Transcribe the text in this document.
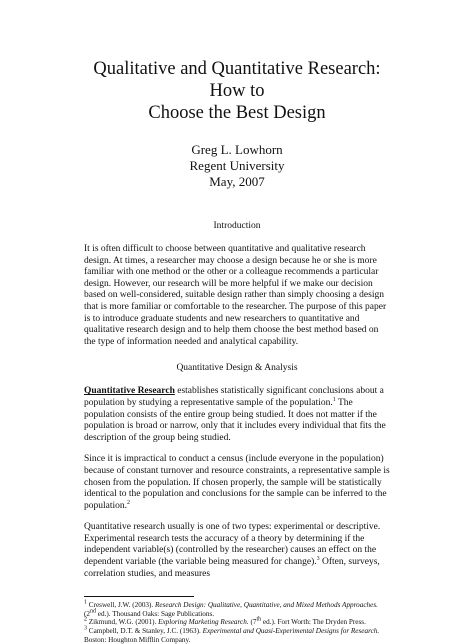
Qualitative and Quantitative Research: How to
Choose the Best Design
Greg L. Lowhorn
Regent University
May, 2007
Introduction

It is often difficult to choose between quantitative and qualitative research design. At times, a researcher may choose a design because he or she is more familiar with one method or the other or a colleague recommends a particular design. However, our research will be more helpful if we make our decision based on well-considered, suitable design rather than simply choosing a design that is more familiar or comfortable to the researcher. The purpose of this paper is to introduce graduate students and new researchers to quantitative and qualitative research design and to help them choose the best method based on the type of information needed and analytical capability.

Quantitative Design & Analysis

Quantitative Research establishes statistically significant conclusions about a population by studying a representative sample of the population.$^1$ The population consists of the entire group being studied. It does not matter if the population is broad or narrow, only that it includes every individual that fits the description of the group being studied.

Since it is impractical to conduct a census (include everyone in the population) because of constant turnover and resource constraints, a representative sample is chosen from the population. If chosen properly, the sample will be statistically identical to the population and conclusions for the sample can be inferred to the population.$^2$

Quantitative research usually is one of two types: experimental or descriptive. Experimental research tests the accuracy of a theory by determining if the independent variable(s) (controlled by the researcher) causes an effect on the dependent variable (the variable being measured for change).$^3$ Often, surveys, correlation studies, and measures

$^1$ Creswell, J.W. (2003). Research Design: Qualitative, Quantitative, and Mixed Methods Approaches. (2nd ed.). Thousand Oaks: Sage Publications.
$^2$ Zikmund, W.G. (2001). Exploring Marketing Research. (7th ed.). Fort Worth: The Dryden Press.
$^3$ Campbell, D.T. & Stanley, J.C. (1963). Experimental and Quasi-Experimental Designs for Research. Boston: Houghton Mifflin Company.
